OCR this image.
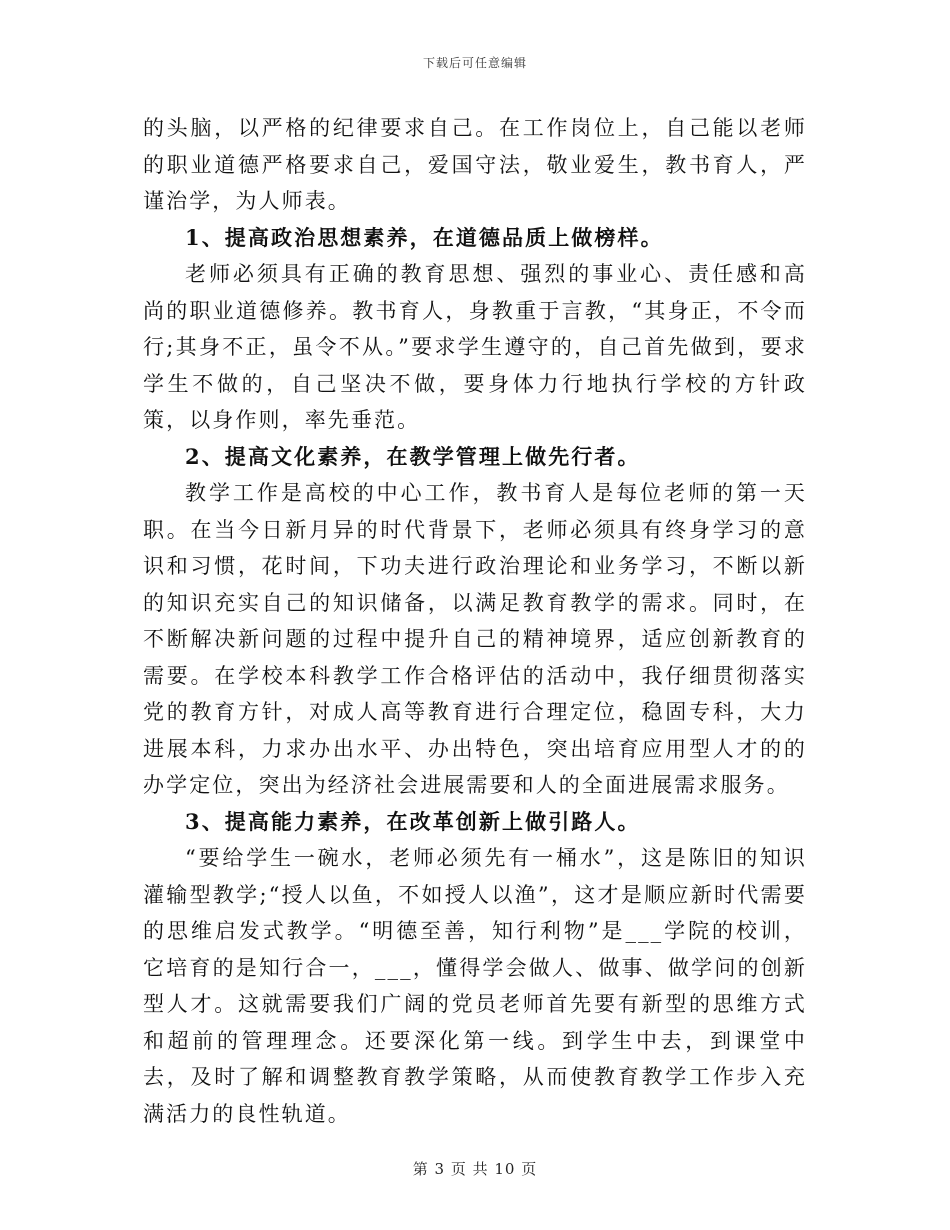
下载后可任意编辑

的头脑，以严格的纪律要求自己。在工作岗位上，自己能以老师的职业道德严格要求自己，爱国守法，敬业爱生，教书育人，严谨治学，为人师表。

1、提高政治思想素养，在道德品质上做榜样。

老师必须具有正确的教育思想、强烈的事业心、责任感和高尚的职业道德修养。教书育人，身教重于言教，“其身正，不令而行;其身不正，虽令不从。”要求学生遵守的，自己首先做到，要求学生不做的，自己坚决不做，要身体力行地执行学校的方针政策，以身作则，率先垂范。

2、提高文化素养，在教学管理上做先行者。

教学工作是高校的中心工作，教书育人是每位老师的第一天职。在当今日新月异的时代背景下，老师必须具有终身学习的意识和习惯，花时间，下功夫进行政治理论和业务学习，不断以新的知识充实自己的知识储备，以满足教育教学的需求。同时，在不断解决新问题的过程中提升自己的精神境界，适应创新教育的需要。在学校本科教学工作合格评估的活动中，我仔细贯彻落实党的教育方针，对成人高等教育进行合理定位，稳固专科，大力进展本科，力求办出水平、办出特色，突出培育应用型人才的的办学定位，突出为经济社会进展需要和人的全面进展需求服务。

3、提高能力素养，在改革创新上做引路人。

“要给学生一碗水，老师必须先有一桶水”，这是陈旧的知识灌输型教学;“授人以鱼，不如授人以渔”，这才是顺应新时代需要的思维启发式教学。“明德至善，知行利物”是___学院的校训，它培育的是知行合一，___，懂得学会做人、做事、做学问的创新型人才。这就需要我们广阔的党员老师首先要有新型的思维方式和超前的管理理念。还要深化第一线。到学生中去，到课堂中去，及时了解和调整教育教学策略，从而使教育教学工作步入充满活力的良性轨道。

第 3 页 共 10 页
